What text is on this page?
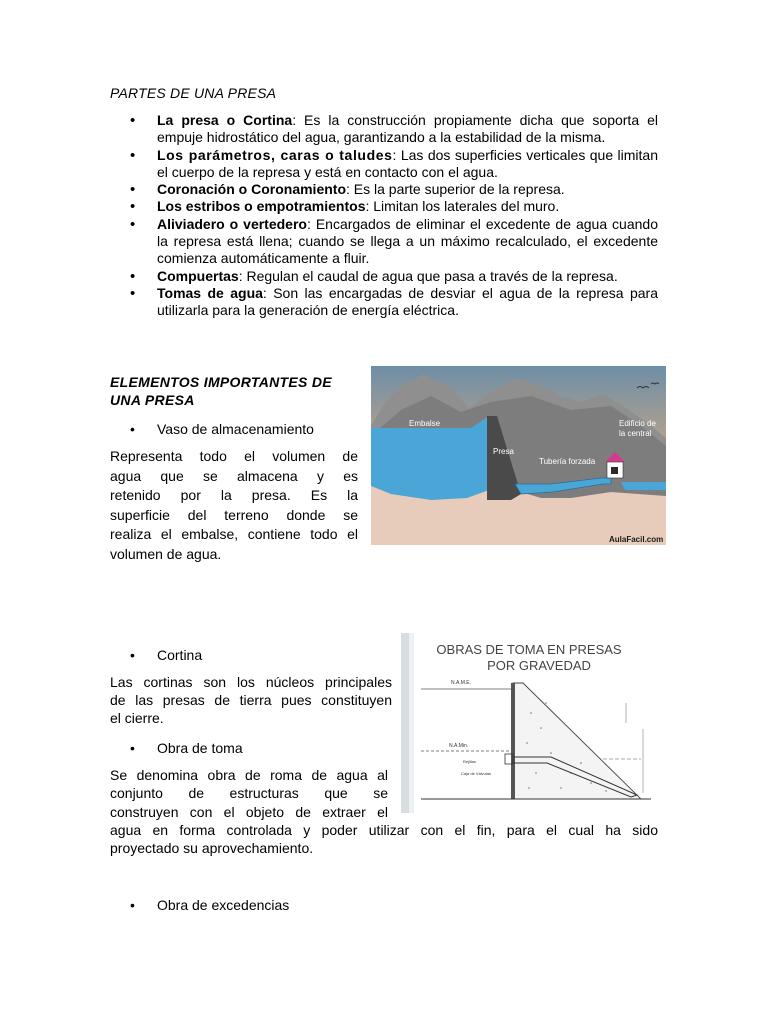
PARTES DE UNA PRESA
• La presa o Cortina: Es la construcción propiamente dicha que soporta el empuje hidrostático del agua, garantizando a la estabilidad de la misma.
• Los parámetros, caras o taludes: Las dos superficies verticales que limitan el cuerpo de la represa y está en contacto con el agua.
• Coronación o Coronamiento: Es la parte superior de la represa.
• Los estribos o empotramientos: Limitan los laterales del muro.
• Aliviadero o vertedero: Encargados de eliminar el excedente de agua cuando la represa está llena; cuando se llega a un máximo recalculado, el excedente comienza automáticamente a fluir.
• Compuertas: Regulan el caudal de agua que pasa a través de la represa.
• Tomas de agua: Son las encargadas de desviar el agua de la represa para utilizarla para la generación de energía eléctrica.
ELEMENTOS IMPORTANTES DE
UNA PRESA
• Vaso de almacenamiento
Representa todo el volumen de
agua que se almacena y es
retenido por la presa. Es la
superficie del terreno donde se
realiza el embalse, contiene todo el
volumen de agua.
Embalse
Presa
Tubería forzada
Edificio de
la central
AulaFacil.com
• Cortina
Las cortinas son los núcleos principales
de las presas de tierra pues constituyen
el cierre.
• Obra de toma
Se denomina obra de roma de agua al
conjunto de estructuras que se
construyen con el objeto de extraer el
agua en forma controlada y poder utilizar con el fin, para el cual ha sido
proyectado su aprovechamiento.
OBRAS DE TOMA EN PRESAS
POR GRAVEDAD
N.A.M.E.
N.A.Min.
Rejillas
Caja de Válvulas
• Obra de excedencias
